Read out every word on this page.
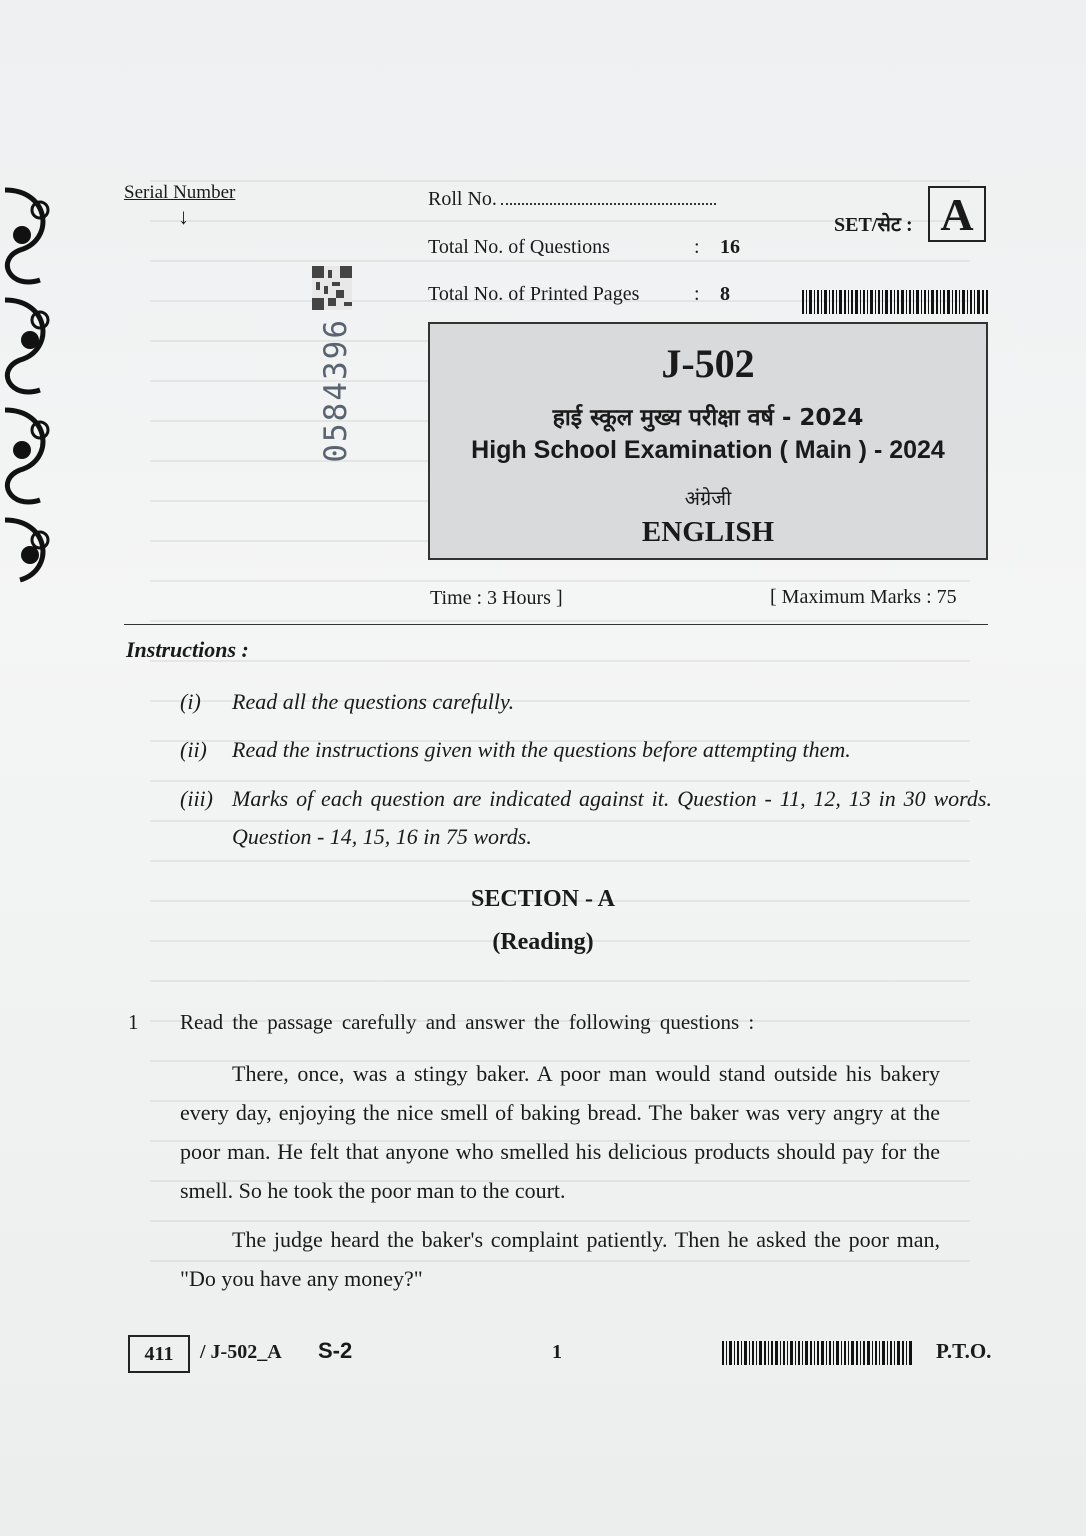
Serial Number
↓
0584396
Roll No.
Total No. of Questions	: 16
Total No. of Printed Pages	: 8
SET/सेट : A
J-502
हाई स्कूल मुख्य परीक्षा वर्ष - 2024
High School Examination ( Main ) - 2024
अंग्रेजी
ENGLISH
Time : 3 Hours ]	[ Maximum Marks : 75
Instructions :
(i) Read all the questions carefully.
(ii) Read the instructions given with the questions before attempting them.
(iii) Marks of each question are indicated against it. Question - 11, 12, 13 in 30 words. Question - 14, 15, 16 in 75 words.
SECTION - A
(Reading)
1 Read the passage carefully and answer the following questions :
There, once, was a stingy baker. A poor man would stand outside his bakery every day, enjoying the nice smell of baking bread. The baker was very angry at the poor man. He felt that anyone who smelled his delicious products should pay for the smell. So he took the poor man to the court.
The judge heard the baker's complaint patiently. Then he asked the poor man, "Do you have any money?"
411	/ J-502_A S-2	1	P.T.O.
